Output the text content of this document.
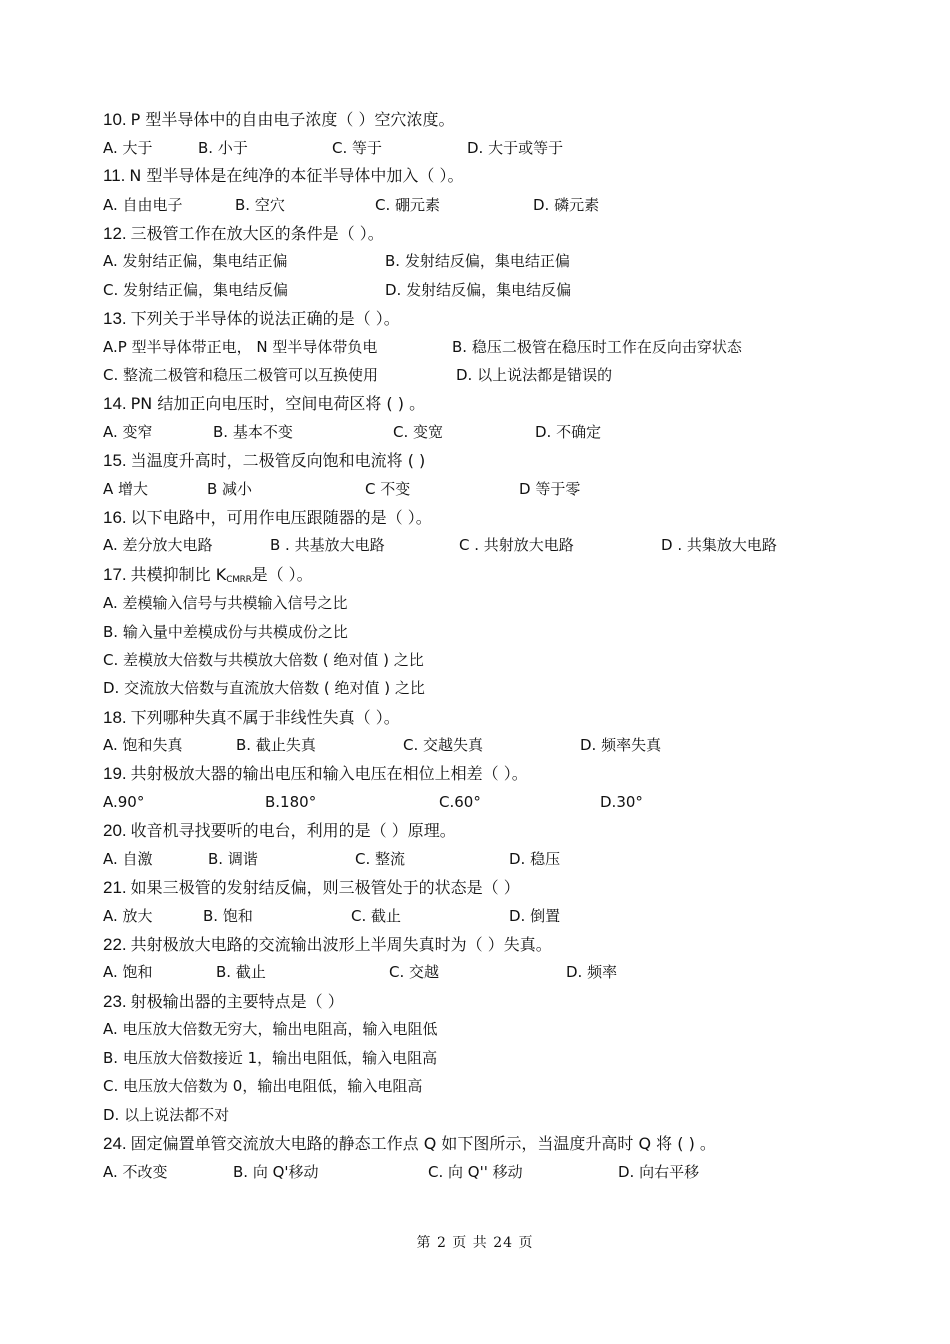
10. P 型半导体中的自由电子浓度（ ）空穴浓度。
A. 大于	B. 小于	C. 等于	D. 大于或等于
11. N 型半导体是在纯净的本征半导体中加入（ ）。
A. 自由电子	B. 空穴	C. 硼元素	D. 磷元素
12. 三极管工作在放大区的条件是（ ）。
A. 发射结正偏，集电结正偏	B. 发射结反偏，集电结正偏
C. 发射结正偏，集电结反偏	D. 发射结反偏，集电结反偏
13. 下列关于半导体的说法正确的是（ ）。
A.P 型半导体带正电， N 型半导体带负电	B. 稳压二极管在稳压时工作在反向击穿状态
C. 整流二极管和稳压二极管可以互换使用	D. 以上说法都是错误的
14. PN 结加正向电压时，空间电荷区将 ( ) 。
A. 变窄	B. 基本不变	C. 变宽	D. 不确定
15. 当温度升高时，二极管反向饱和电流将 ( )
A 增大	B 减小	C 不变	D 等于零
16. 以下电路中，可用作电压跟随器的是（ ）。
A. 差分放大电路	B . 共基放大电路	C . 共射放大电路	D . 共集放大电路
17. 共模抑制比 $K_{CMRR}$是（ ）。
A. 差模输入信号与共模输入信号之比
B. 输入量中差模成份与共模成份之比
C. 差模放大倍数与共模放大倍数 ( 绝对值 ) 之比
D. 交流放大倍数与直流放大倍数 ( 绝对值 ) 之比
18. 下列哪种失真不属于非线性失真（ ）。
A. 饱和失真	B. 截止失真	C. 交越失真	D. 频率失真
19. 共射极放大器的输出电压和输入电压在相位上相差（ ）。
A.90°	B.180°	C.60°	D.30°
20. 收音机寻找要听的电台，利用的是（ ）原理。
A. 自激	B. 调谐	C. 整流	D. 稳压
21. 如果三极管的发射结反偏，则三极管处于的状态是（ ）
A. 放大	B. 饱和	C. 截止	D. 倒置
22. 共射极放大电路的交流输出波形上半周失真时为（ ）失真。
A. 饱和	B. 截止	C. 交越	D. 频率
23. 射极输出器的主要特点是（ ）
A. 电压放大倍数无穷大，输出电阻高，输入电阻低
B. 电压放大倍数接近 1，输出电阻低，输入电阻高
C. 电压放大倍数为 0，输出电阻低，输入电阻高
D. 以上说法都不对
24. 固定偏置单管交流放大电路的静态工作点 Q 如下图所示，当温度升高时 Q 将 ( ) 。
A. 不改变	B. 向 Q'移动	C. 向 Q'' 移动	D. 向右平移
第 2 页 共 24 页
